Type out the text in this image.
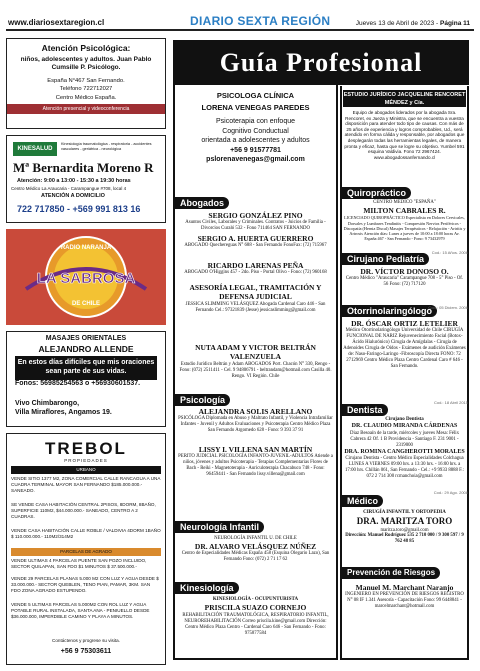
www.diariosextaregion.cl	DIARIO SEXTA REGIÓN	Jueves 13 de Abril de 2023 - Página 11
Atención Psicológica:
niños, adolescentes y adultos. Juan Pablo Cumsille P. Psicólogo.
España N°467 San Fernando.
Teléfono 722712027
Centro Médico España.
Atención presencial y videoconferencia
KINESALUD
Kinesiología traumatológica - respiratoria - accidentes vasculares - geriátrica - neurológica
Mª Bernardita Moreno R
Atención: 9:00 a 13:00 - 15:30 a 19:30 horas
Centro Médico La Araucaria - Carampangue #708, local 4
ATENCIÓN A DOMICILIO
722 717850 - +569 991 813 16
RADIO NARANJA
LA SABROSA
DE CHILE
MASAJES ORIENTALES
ALEJANDRO ALLENDE
En estos días difíciles que mis oraciones sean parte de sus vidas.
Fonos: 56985254563 o +56930601537.
Vivo Chimbarongo,
Villa Miraflores, Angamos 19.
TREBOL
PROPIEDADES
URBANO
VENDE SITIO 1377 M2, ZONA COMERCIAL CALLE RANCAGUA A UNA CUADRA TERMINAL MAYOR SAN FERNANDO $185.000.000.- SANEADO.
SE VENDE CASA HABITACIÓN CENTRAL 2PISOS, 8DORM, 8BAÑO, SUPERFICIE 110M2, $44.000.000.- SANEADO, CENTRO A 2 CUADRAS.
VENDE CASA HABITACIÓN CALLE ROBLE / VALDIVIA 4DORM 1BAÑO $ 110.000.000.- 110M2/314M2
PARCELAS DE AGRADO
VENDE ULTIMAS 4 PARCELAS PUENTE SAN POZO INCLUIDO, SECTOR QUILAPAN, SAN FDO $1 MINUTOS $ 37.500.000.-
VENDE 29 PARCELAS PLANAS 5.000 M2 CON LUZ Y AGUA DESDE $ 33.000.000.- SECTOR QUEBLEN, TENO PIAN, PAMAR, 3KM. SAN FDO ZONA AGRADO ESTUPENDO.
VENDE 5 ULTIMAS PARCELAS 5.000M2 CON ROL LUZ Y AGUA POTABLE RURAL INSTALADA, SANTA ANA - PENIUELLO DESDE $36.000.000, IMPERDIBLE CAMINO Y PLAYA A MINUTOS.
Contáctenos y progrese su visita.
+56 9 75303611
Guía Profesional
PSICOLOGA CLÍNICA
LORENA VENEGAS PAREDES
Psicoterapia con enfoque
Cognitivo Conductual
orientada a adolescentes y adultos
+56 9 91577781
pslorenavenegas@gmail.com
Abogados
SERGIO GONZÁLEZ PINO
Asuntos Civiles, Laborales y Criminales. Contratos - Juicios de Familia - Divorcios Curaló 532 - Fono 711464 SAN FERNANDO
SERGIO A. HUERTA GUERRERO
ABOGADO Quechereguas N° 688 - San Fernando FonoFax: (72) 715967
RICARDO LARENAS PEÑA
ABOGADO O'Higgins 457 - 2do. Piso - Portal Olivo - Fono: (72) 960168
ASESORÍA LEGAL, TRAMITACIÓN Y DEFENSA JUDICIAL
JESSICA SLIMMING VELÁSQUEZ Abogada Cardenal Caro 446 - San Fernando Cel.: 97321839 (Jesse) jessicaslimming@gmail.com
NUTA ADAM Y VICTOR BELTRÁN VALENZUELA
Estudio Jurídico Beltrán y Adam ABOGADOS Port. Chacón N° 330, Rengo - Fono: (072) 2511411 - Cel. 9 94806791 - beltrandam@hotmail.com Casilla 40. Rengo. VI Región. Chile
Psicología
ALEJANDRA SOLIS ARELLANO
PSICÓLOGA Diplomada en Abuso y Maltrato Infantil, y Violencia Intrafamiliar Infantes - Juvenil y Adultos Evaluaciones y Psicoterapia Centro Médico Plaza San Fernando Argomedo 628 - Fono: 9 393 37 91
LISSY I. VILLENA SAN MARTÍN
PERITO JUDICIAL PSICOLOGÍA INFANTO-JUVENIL-ADULTOS Atiende a niños, jóvenes y adultos Psicoterapia - Terapias Complementarias Flores de Bach - Reiki - Magnetoterapia - Auriculoterapia Chacabuco 748 - Fono: 96459441 - San Fernando lissy.villena@gmail.com
Neurología Infantil
NEUROLOGÍA INFANTIL U. DE CHILE
DR. ALVARO VELÁSQUEZ NÚÑEZ
Centro de Especialidades Médicas España 458 (Esquina Olegario Lazo), San Fernando Fono: (072) 2 71 17 62
Kinesiología
KINESIOLOGÍA - OCUPUNTURISTA
PRISCILA SUAZO CORNEJO
REHABILITACIÓN TRAUMATOLÓGICA, RESPIRATORIO INFANTIL, NEUROREHABILITACIÓN Correo priscila.kine@gmail.com Dirección: Centro Médico Plaza Centro - Cardenal Caro 646 - San Fernando - Fono: 975877584
ESTUDIO JURÍDICO JACQUELINE RENCORET MÉNDEZ y Cía.
Equipo de abogados liderados por la abogada Sra. Rencoret, ex Jueza y Ministra, que se encuentra a vuestra disposición para atender todo tipo de causas. Con más de 25 años de experiencia y logros comprobables, Ud., será atendido en forma cálida y responsable, por abogados que desplegarán todas las herramientas legales, de manera pronta y eficaz, hasta que se logre su objetivo. Yumbel 591 esquina Valdivia. Fono 72 2967424. www.abogadossanfernando.cl
Quiropráctico
CENTRO MÉDICO "ESPAÑA"
MILTON CABRALES R.
LICENCIADO QUIROPRÁCTICO Especialista en Dolores Cervicales, Dorsales y Lumbares Tendinitis - Compresión Nervios Periféricos - Discopatía (Hernia Discal) Masajes Terapéuticos - Relajación - Artritis y Artrosis Atención días: Lunes a jueves de 10:00 a 18:00 horas Av. España 467 - San Fernando - Fono: 9 73432979
Cirujano Pediatría
DR. VÍCTOR DONOSO O.
Centro Médico "Araucaria" Carampangue 708 - 5° Piso - Of. 56 Fono: (72) 717120
Otorrinolaringólogo
DR. ÓSCAR ORTIZ LETELIER
Médico Otorrinolaringólogo Universidad de Chile CIRUGÍA FUNCIONAL DE NARIZ Rejuvenecimiento Facial (Botox-Ácido Hialurónico) Cirugía de Amígdalas - Cirugía de Adenoides Cirugía de Oídos - Exámenes de audición Exámenes de: Naso-Faringo-Laringo -Fibroscopía Directa FONO: 72 2712969 Centro Médico Plaza Centro Cardenal Caro # 646 - San Fernando.
Dentista
Cirujano Dentista
DR. CLAUDIO MIRANDA CÁRDENAS
Diaz Besoaín de la tarde, miércoles y jueves Mesa: Félix Cabrera 42 Of. 1 B Providencia - Santiago F. 231 9001 - 2319000
DRA. ROMINA CANGHEROTTI MORALES
Cirujano Dentista - Centro Médico Especialidades Colchagua LUNES A VIERNES 09:00 hrs. a 13:30 hrs. - 16:00 hrs. a 17:00 hrs. Chillán 061, San Fernando - Cel.: +9 9933 8888 F.: 072 2 714 300 rcmanchoia@gmail.com
Médico
CIRUGÍA INFANTIL Y ORTOPEDIA
DRA. MARITZA TORO
maritza.toro@gmail.com
Dirección: Manuel Rodríguez 535 2 710 000 / 9 300 597 / 9 762 48 85
Prevención de Riesgos
Manuel M. Marchant Naranjo
INGENIERO EN PREVENCIÓN DE RIESGOS REGISTRO N° 08 IF 1.341 Asesoría - Capacitación Fono: 99 6448841 - marcelmarchant@hotmail.com
Cod.: 15 Años. 2006
Cod.: 05 Diciem. 2006
Cod.: 18 Abril 2015
Cod.: 29 Ago. 2008
